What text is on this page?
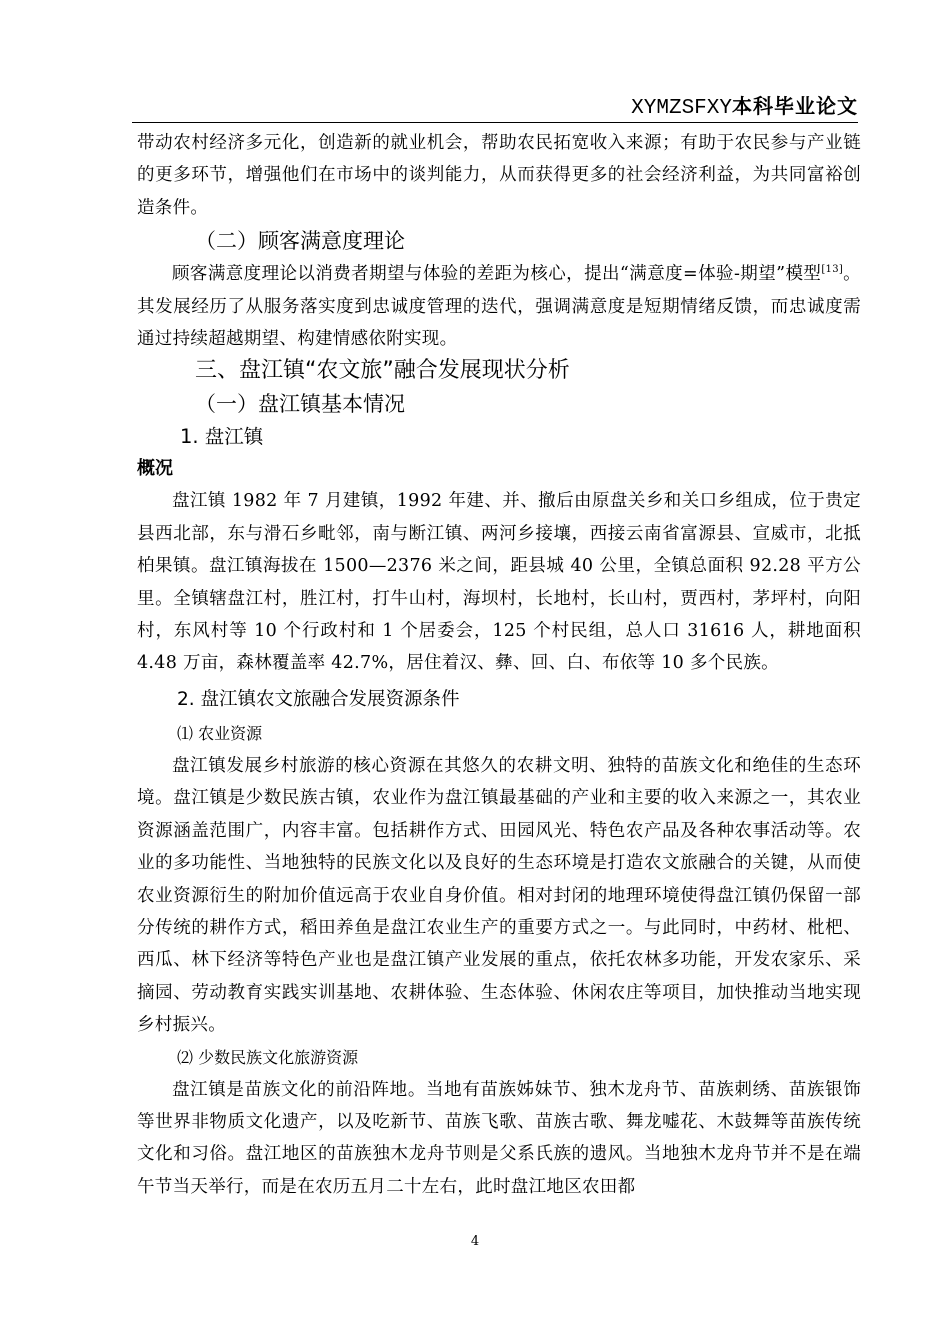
XYMZSFXY本科毕业论文

带动农村经济多元化，创造新的就业机会，帮助农民拓宽收入来源；有助于农民参与产业链的更多环节，增强他们在市场中的谈判能力，从而获得更多的社会经济利益，为共同富裕创造条件。

（二）顾客满意度理论

顾客满意度理论以消费者期望与体验的差距为核心，提出“满意度=体验-期望”模型[13]。其发展经历了从服务落实度到忠诚度管理的迭代，强调满意度是短期情绪反馈，而忠诚度需通过持续超越期望、构建情感依附实现。

三、盘江镇“农文旅”融合发展现状分析
（一）盘江镇基本情况
1. 盘江镇
概况

盘江镇 1982 年 7 月建镇，1992 年建、并、撤后由原盘关乡和关口乡组成，位于贵定县西北部，东与滑石乡毗邻，南与断江镇、两河乡接壤，西接云南省富源县、宣威市，北抵柏果镇。盘江镇海拔在 1500—2376 米之间，距县城 40 公里，全镇总面积 92.28 平方公里。全镇辖盘江村，胜江村，打牛山村，海坝村，长地村，长山村，贾西村，茅坪村，向阳村，东风村等 10 个行政村和 1 个居委会，125 个村民组，总人口 31616 人，耕地面积 4.48 万亩，森林覆盖率 42.7%，居住着汉、彝、回、白、布依等 10 多个民族。

2. 盘江镇农文旅融合发展资源条件
⑴ 农业资源

盘江镇发展乡村旅游的核心资源在其悠久的农耕文明、独特的苗族文化和绝佳的生态环境。盘江镇是少数民族古镇，农业作为盘江镇最基础的产业和主要的收入来源之一，其农业资源涵盖范围广，内容丰富。包括耕作方式、田园风光、特色农产品及各种农事活动等。农业的多功能性、当地独特的民族文化以及良好的生态环境是打造农文旅融合的关键，从而使农业资源衍生的附加价值远高于农业自身价值。相对封闭的地理环境使得盘江镇仍保留一部分传统的耕作方式，稻田养鱼是盘江农业生产的重要方式之一。与此同时，中药材、枇杷、西瓜、林下经济等特色产业也是盘江镇产业发展的重点，依托农林多功能，开发农家乐、采摘园、劳动教育实践实训基地、农耕体验、生态体验、休闲农庄等项目，加快推动当地实现乡村振兴。

⑵ 少数民族文化旅游资源

盘江镇是苗族文化的前沿阵地。当地有苗族姊妹节、独木龙舟节、苗族刺绣、苗族银饰等世界非物质文化遗产，以及吃新节、苗族飞歌、苗族古歌、舞龙嘘花、木鼓舞等苗族传统文化和习俗。盘江地区的苗族独木龙舟节则是父系氏族的遗风。当地独木龙舟节并不是在端午节当天举行，而是在农历五月二十左右，此时盘江地区农田都

4
